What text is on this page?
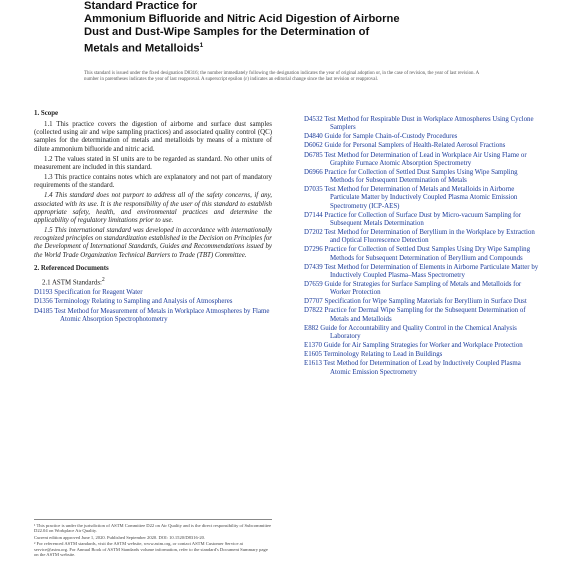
Standard Practice for

Ammonium Bifluoride and Nitric Acid Digestion of Airborne

Dust and Dust-Wipe Samples for the Determination of

Metals and Metalloids$^1$

This standard is issued under the fixed designation D8316; the number immediately following the designation indicates the year of original adoption or, in the case of revision, the year of last revision. A number in parentheses indicates the year of last reapproval. A superscript epsilon (ε) indicates an editorial change since the last revision or reapproval.

1. Scope

1.1 This practice covers the digestion of airborne and surface dust samples (collected using air and wipe sampling practices) and associated quality control (QC) samples for the determination of metals and metalloids by means of a mixture of dilute ammonium bifluoride and nitric acid.

1.2 The values stated in SI units are to be regarded as standard. No other units of measurement are included in this standard.

1.3 This practice contains notes which are explanatory and not part of mandatory requirements of the standard.

1.4 This standard does not purport to address all of the safety concerns, if any, associated with its use. It is the responsibility of the user of this standard to establish appropriate safety, health, and environmental practices and determine the applicability of regulatory limitations prior to use.

1.5 This international standard was developed in accordance with internationally recognized principles on standardization established in the Decision on Principles for the Development of International Standards, Guides and Recommendations issued by the World Trade Organization Technical Barriers to Trade (TBT) Committee.

2. Referenced Documents

2.1 ASTM Standards:$^2$

D1193 Specification for Reagent Water

D1356 Terminology Relating to Sampling and Analysis of Atmospheres

D4185 Test Method for Measurement of Metals in Workplace Atmospheres by Flame Atomic Absorption Spectrophotometry

D4532 Test Method for Respirable Dust in Workplace Atmospheres Using Cyclone Samplers

D4840 Guide for Sample Chain-of-Custody Procedures

D6062 Guide for Personal Samplers of Health-Related Aerosol Fractions

D6785 Test Method for Determination of Lead in Workplace Air Using Flame or Graphite Furnace Atomic Absorption Spectrometry

D6966 Practice for Collection of Settled Dust Samples Using Wipe Sampling Methods for Subsequent Determination of Metals

D7035 Test Method for Determination of Metals and Metalloids in Airborne Particulate Matter by Inductively Coupled Plasma Atomic Emission Spectrometry (ICP-AES)

D7144 Practice for Collection of Surface Dust by Micro-vacuum Sampling for Subsequent Metals Determination

D7202 Test Method for Determination of Beryllium in the Workplace by Extraction and Optical Fluorescence Detection

D7296 Practice for Collection of Settled Dust Samples Using Dry Wipe Sampling Methods for Subsequent Determination of Beryllium and Compounds

D7439 Test Method for Determination of Elements in Airborne Particulate Matter by Inductively Coupled Plasma–Mass Spectrometry

D7659 Guide for Strategies for Surface Sampling of Metals and Metalloids for Worker Protection

D7707 Specification for Wipe Sampling Materials for Beryllium in Surface Dust

D7822 Practice for Dermal Wipe Sampling for the Subsequent Determination of Metals and Metalloids

E882 Guide for Accountability and Quality Control in the Chemical Analysis Laboratory

E1370 Guide for Air Sampling Strategies for Worker and Workplace Protection

E1605 Terminology Relating to Lead in Buildings

E1613 Test Method for Determination of Lead by Inductively Coupled Plasma Atomic Emission Spectrometry

¹ This practice is under the jurisdiction of ASTM Committee D22 on Air Quality and is the direct responsibility of Subcommittee D22.04 on Workplace Air Quality.

Current edition approved June 1, 2020. Published September 2020. DOI: 10.1520/D8316-20.

² For referenced ASTM standards, visit the ASTM website, www.astm.org, or contact ASTM Customer Service at service@astm.org. For Annual Book of ASTM Standards volume information, refer to the standard's Document Summary page on the ASTM website.
